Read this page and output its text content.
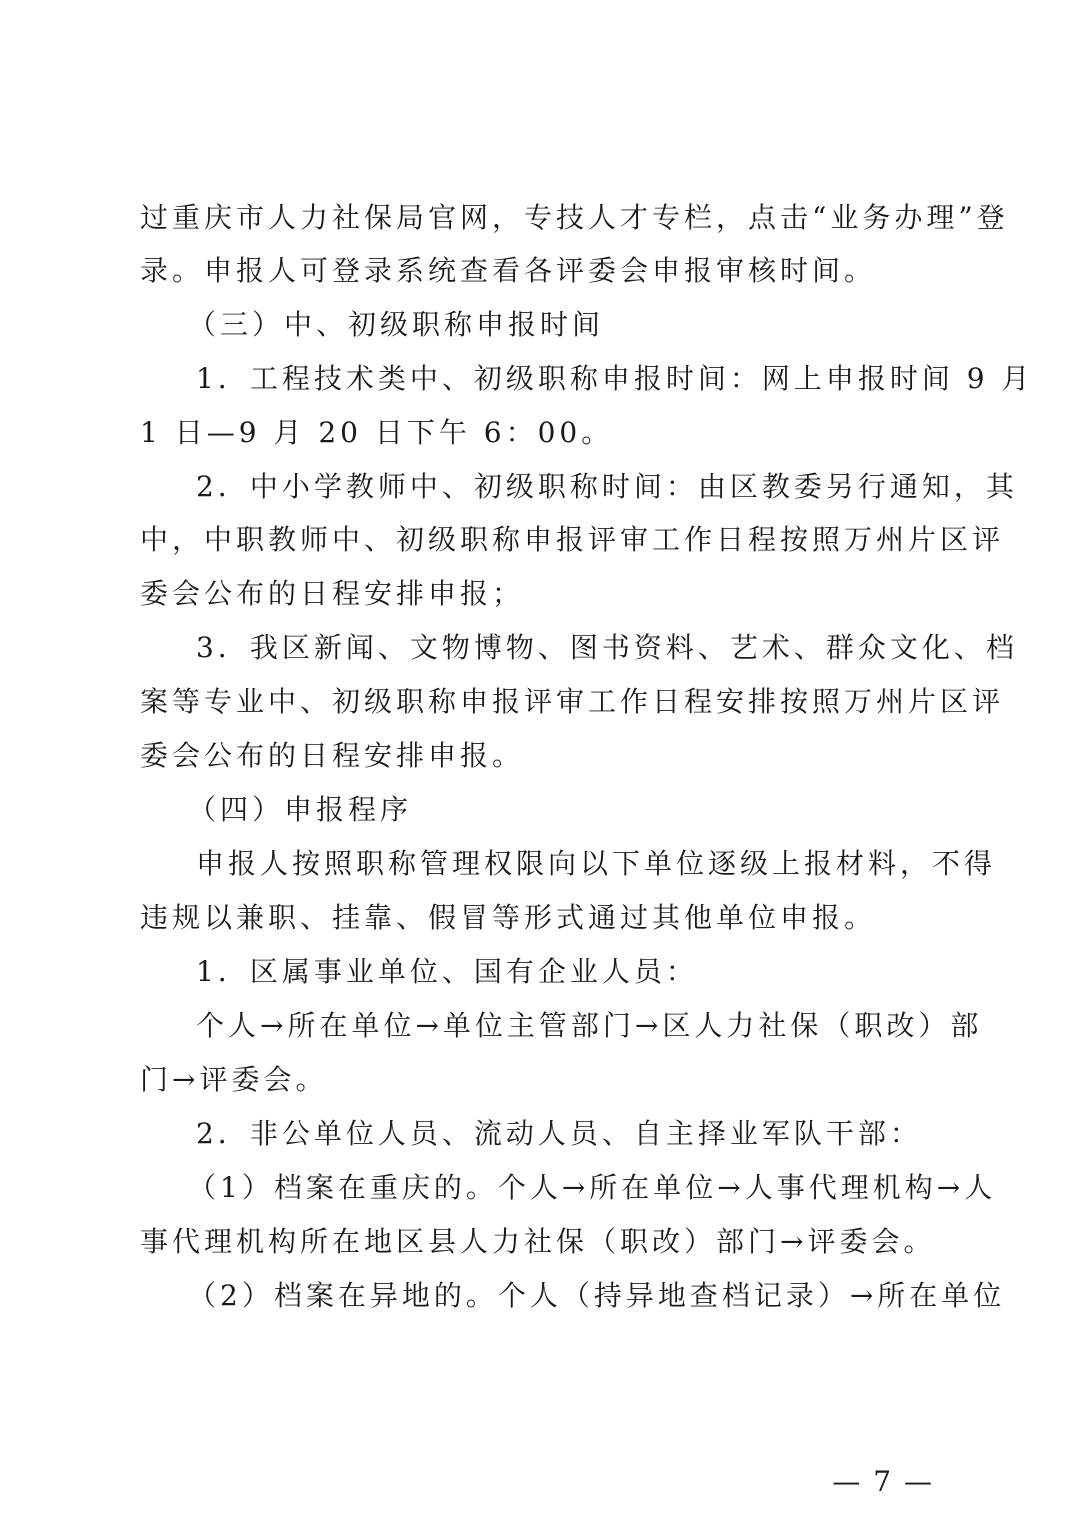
过重庆市人力社保局官网，专技人才专栏，点击“业务办理”登
录。申报人可登录系统查看各评委会申报审核时间。
（三）中、初级职称申报时间
1．工程技术类中、初级职称申报时间：网上申报时间 9 月
1 日—9 月 20 日下午 6：00。
2．中小学教师中、初级职称时间：由区教委另行通知，其
中，中职教师中、初级职称申报评审工作日程按照万州片区评
委会公布的日程安排申报；
3．我区新闻、文物博物、图书资料、艺术、群众文化、档
案等专业中、初级职称申报评审工作日程安排按照万州片区评
委会公布的日程安排申报。
（四）申报程序
申报人按照职称管理权限向以下单位逐级上报材料，不得
违规以兼职、挂靠、假冒等形式通过其他单位申报。
1．区属事业单位、国有企业人员：
个人→所在单位→单位主管部门→区人力社保（职改）部
门→评委会。
2．非公单位人员、流动人员、自主择业军队干部：
（1）档案在重庆的。个人→所在单位→人事代理机构→人
事代理机构所在地区县人力社保（职改）部门→评委会。
（2）档案在异地的。个人（持异地查档记录）→所在单位
— 7 —
